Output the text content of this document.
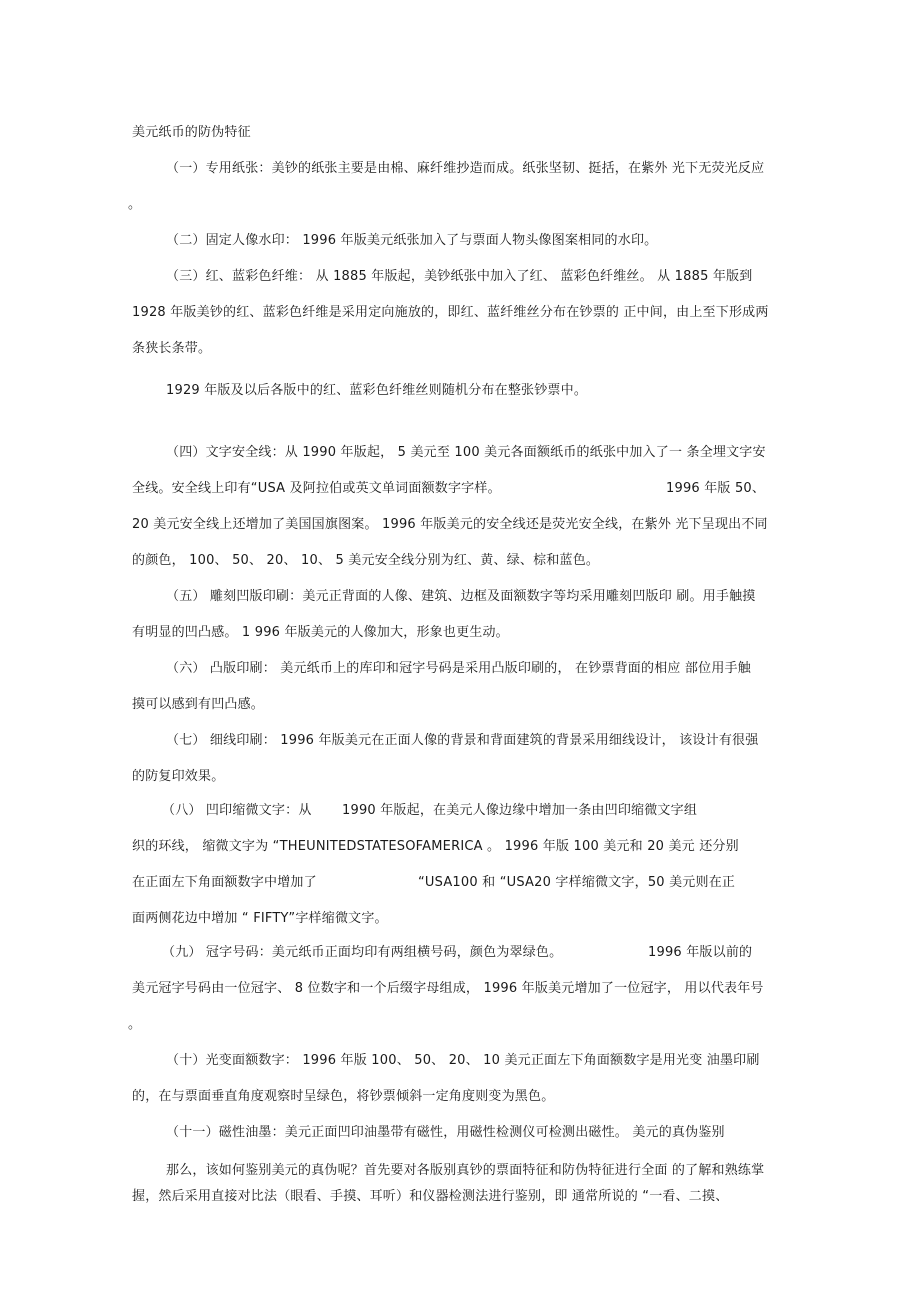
美元纸币的防伪特征
（一）专用纸张：美钞的纸张主要是由棉、麻纤维抄造而成。纸张坚韧、挺括，在紫外 光下无荧光反应
。
（二）固定人像水印： 1996 年版美元纸张加入了与票面人物头像图案相同的水印。
（三）红、蓝彩色纤维： 从 1885 年版起，美钞纸张中加入了红、 蓝彩色纤维丝。 从 1885 年版到
1928 年版美钞的红、蓝彩色纤维是采用定向施放的，即红、蓝纤维丝分布在钞票的 正中间，由上至下形成两
条狭长条带。
1929 年版及以后各版中的红、蓝彩色纤维丝则随机分布在整张钞票中。
（四）文字安全线：从 1990 年版起， 5 美元至 100 美元各面额纸币的纸张中加入了一 条全埋文字安
全线。安全线上印有“USA 及阿拉伯或英文单词面额数字字样。	1996 年版 50、
20 美元安全线上还增加了美国国旗图案。 1996 年版美元的安全线还是荧光安全线，在紫外 光下呈现出不同
的颜色， 100、 50、 20、 10、 5 美元安全线分别为红、黄、绿、棕和蓝色。
（五） 雕刻凹版印刷：美元正背面的人像、建筑、边框及面额数字等均采用雕刻凹版印 刷。用手触摸
有明显的凹凸感。 1 996 年版美元的人像加大，形象也更生动。
（六） 凸版印刷： 美元纸币上的库印和冠字号码是采用凸版印刷的， 在钞票背面的相应 部位用手触
摸可以感到有凹凸感。
（七） 细线印刷： 1996 年版美元在正面人像的背景和背面建筑的背景采用细线设计， 该设计有很强
的防复印效果。
（八） 凹印缩微文字：从 1990 年版起，在美元人像边缘中增加一条由凹印缩微文字组
织的环线， 缩微文字为 “THEUNITEDSTATESOFAMERICA 。 1996 年版 100 美元和 20 美元 还分别
在正面左下角面额数字中增加了	“USA100 和 “USA20 字样缩微文字，50 美元则在正
面两侧花边中增加 “ FIFTY”字样缩微文字。
（九） 冠字号码：美元纸币正面均印有两组横号码，颜色为翠绿色。	1996 年版以前的
美元冠字号码由一位冠字、 8 位数字和一个后缀字母组成， 1996 年版美元增加了一位冠字， 用以代表年号
。
（十）光变面额数字： 1996 年版 100、 50、 20、 10 美元正面左下角面额数字是用光变 油墨印刷
的，在与票面垂直角度观察时呈绿色，将钞票倾斜一定角度则变为黑色。
（十一）磁性油墨：美元正面凹印油墨带有磁性，用磁性检测仪可检测出磁性。 美元的真伪鉴别
那么，该如何鉴别美元的真伪呢？首先要对各版别真钞的票面特征和防伪特征进行全面 的了解和熟练掌
握，然后采用直接对比法（眼看、手摸、耳听）和仪器检测法进行鉴别，即 通常所说的 “一看、二摸、
